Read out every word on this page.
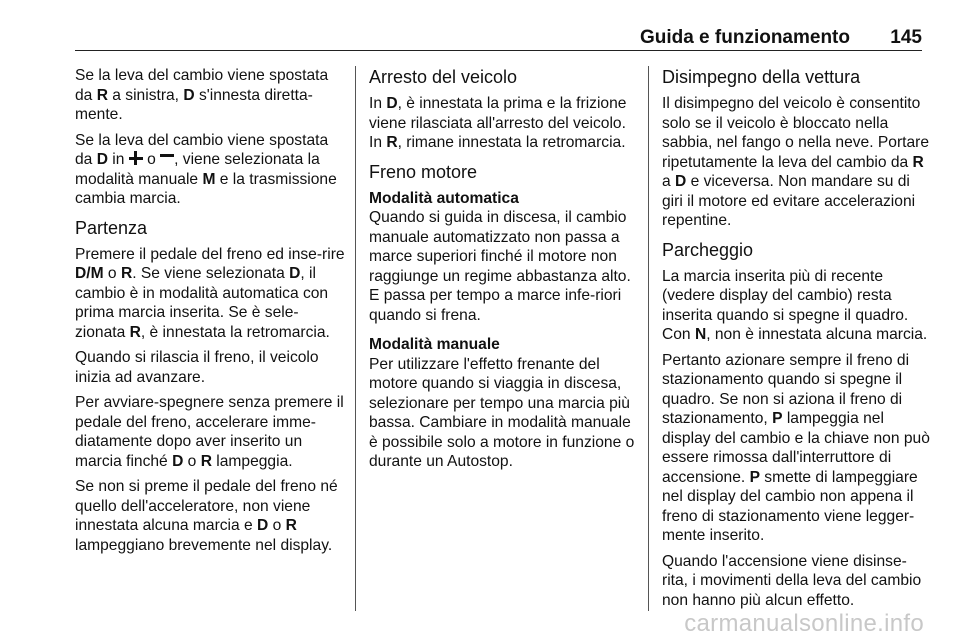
Guida e funzionamento 145

Se la leva del cambio viene spostata da R a sinistra, D s'innesta diretta-mente.

Se la leva del cambio viene spostata da D in  o , viene selezionata la modalità manuale M e la trasmissione cambia marcia.

Partenza

Premere il pedale del freno ed inse-rire D/M o R. Se viene selezionata D, il cambio è in modalità automatica con prima marcia inserita. Se è sele-zionata R, è innestata la retromarcia.

Quando si rilascia il freno, il veicolo inizia ad avanzare.

Per avviare-spegnere senza premere il pedale del freno, accelerare imme-diatamente dopo aver inserito un marcia finché D o R lampeggia.

Se non si preme il pedale del freno né quello dell'acceleratore, non viene innestata alcuna marcia e D o R lampeggiano brevemente nel display.

Arresto del veicolo

In D, è innestata la prima e la frizione viene rilasciata all'arresto del veicolo. In R, rimane innestata la retromarcia.

Freno motore
Modalità automatica

Quando si guida in discesa, il cambio manuale automatizzato non passa a marce superiori finché il motore non raggiunge un regime abbastanza alto. E passa per tempo a marce infe-riori quando si frena.

Modalità manuale

Per utilizzare l'effetto frenante del motore quando si viaggia in discesa, selezionare per tempo una marcia più bassa. Cambiare in modalità manuale è possibile solo a motore in funzione o durante un Autostop.

Disimpegno della vettura

Il disimpegno del veicolo è consentito solo se il veicolo è bloccato nella sabbia, nel fango o nella neve. Portare ripetutamente la leva del cambio da R a D e viceversa. Non mandare su di giri il motore ed evitare accelerazioni repentine.

Parcheggio

La marcia inserita più di recente (vedere display del cambio) resta inserita quando si spegne il quadro. Con N, non è innestata alcuna marcia.

Pertanto azionare sempre il freno di stazionamento quando si spegne il quadro. Se non si aziona il freno di stazionamento, P lampeggia nel display del cambio e la chiave non può essere rimossa dall'interruttore di accensione. P smette di lampeggiare nel display del cambio non appena il freno di stazionamento viene legger-mente inserito.

Quando l'accensione viene disinse-rita, i movimenti della leva del cambio non hanno più alcun effetto.

carmanualsonline.info
